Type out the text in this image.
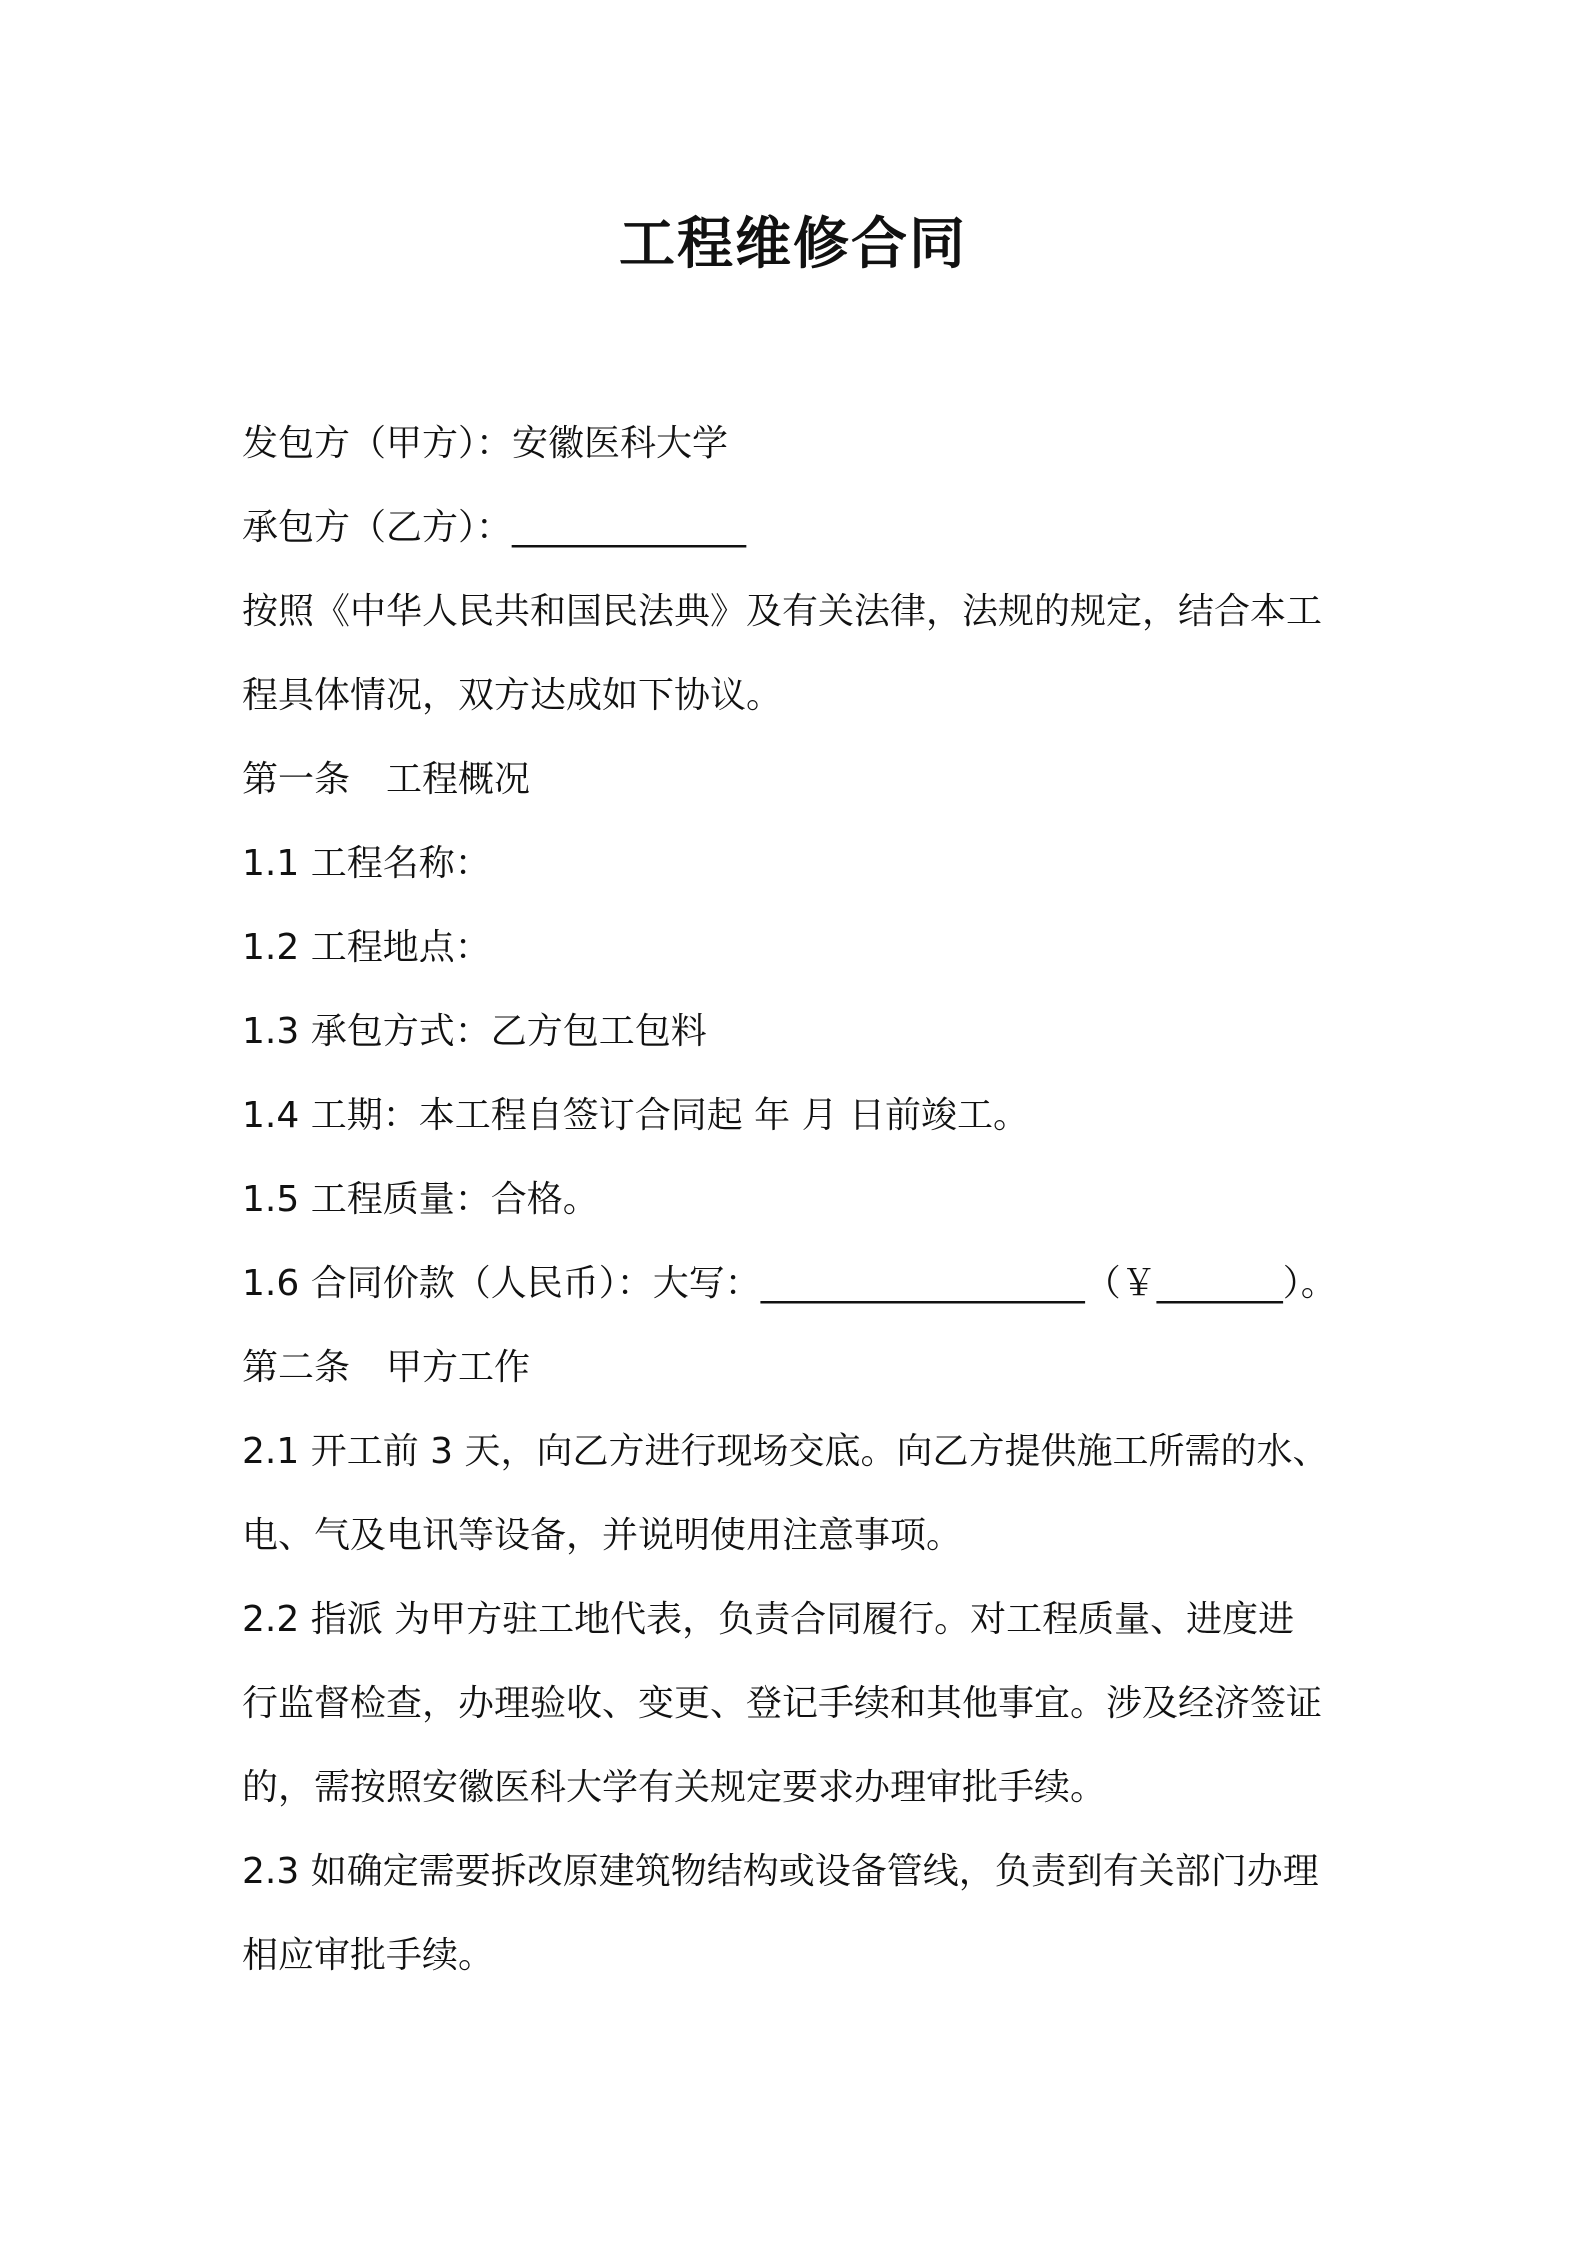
工程维修合同

发包方（甲方）：安徽医科大学

承包方（乙方）：_____________

按照《中华人民共和国民法典》及有关法律，法规的规定，结合本工

程具体情况，双方达成如下协议。

第一条　工程概况

1.1 工程名称：

1.2 工程地点：

1.3 承包方式：乙方包工包料

1.4 工期：本工程自签订合同起 年 月 日前竣工。

1.5 工程质量：合格。

1.6 合同价款（人民币）：大写：__________________（￥_______）。

第二条　甲方工作

2.1 开工前 3 天，向乙方进行现场交底。向乙方提供施工所需的水、

电、气及电讯等设备，并说明使用注意事项。

2.2 指派 为甲方驻工地代表，负责合同履行。对工程质量、进度进

行监督检查，办理验收、变更、登记手续和其他事宜。涉及经济签证

的，需按照安徽医科大学有关规定要求办理审批手续。

2.3 如确定需要拆改原建筑物结构或设备管线，负责到有关部门办理

相应审批手续。
